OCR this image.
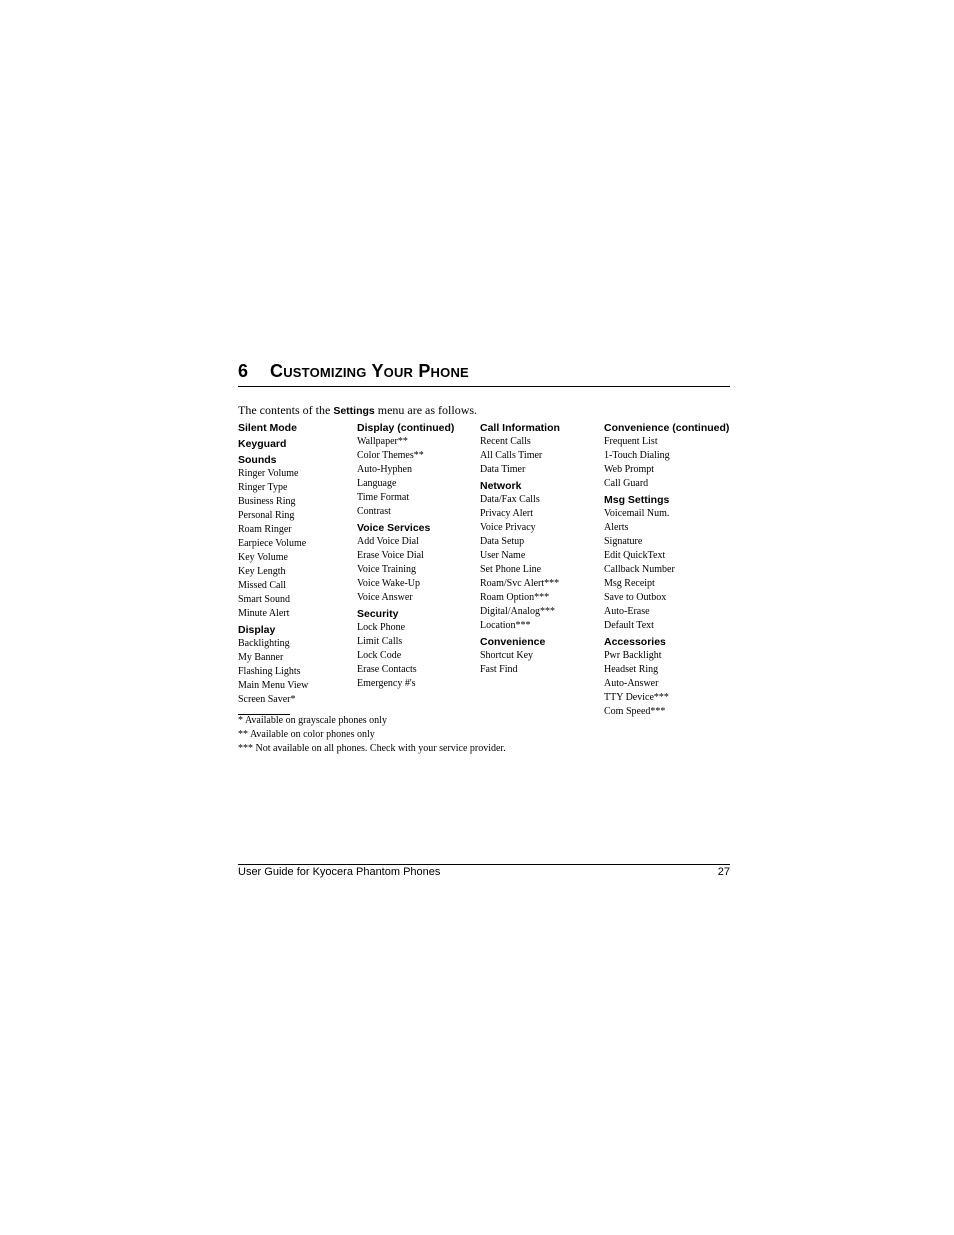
6 Customizing Your Phone
The contents of the Settings menu are as follows.
Silent Mode
Keyguard
Sounds
Ringer Volume
Ringer Type
Business Ring
Personal Ring
Roam Ringer
Earpiece Volume
Key Volume
Key Length
Missed Call
Smart Sound
Minute Alert
Display
Backlighting
My Banner
Flashing Lights
Main Menu View
Screen Saver*
Display (continued)
Wallpaper**
Color Themes**
Auto-Hyphen
Language
Time Format
Contrast
Voice Services
Add Voice Dial
Erase Voice Dial
Voice Training
Voice Wake-Up
Voice Answer
Security
Lock Phone
Limit Calls
Lock Code
Erase Contacts
Emergency #'s
Call Information
Recent Calls
All Calls Timer
Data Timer
Network
Data/Fax Calls
Privacy Alert
Voice Privacy
Data Setup
User Name
Set Phone Line
Roam/Svc Alert***
Roam Option***
Digital/Analog***
Location***
Convenience
Shortcut Key
Fast Find
Convenience (continued)
Frequent List
1-Touch Dialing
Web Prompt
Call Guard
Msg Settings
Voicemail Num.
Alerts
Signature
Edit QuickText
Callback Number
Msg Receipt
Save to Outbox
Auto-Erase
Default Text
Accessories
Pwr Backlight
Headset Ring
Auto-Answer
TTY Device***
Com Speed***
* Available on grayscale phones only
** Available on color phones only
*** Not available on all phones. Check with your service provider.
User Guide for Kyocera Phantom Phones	27
